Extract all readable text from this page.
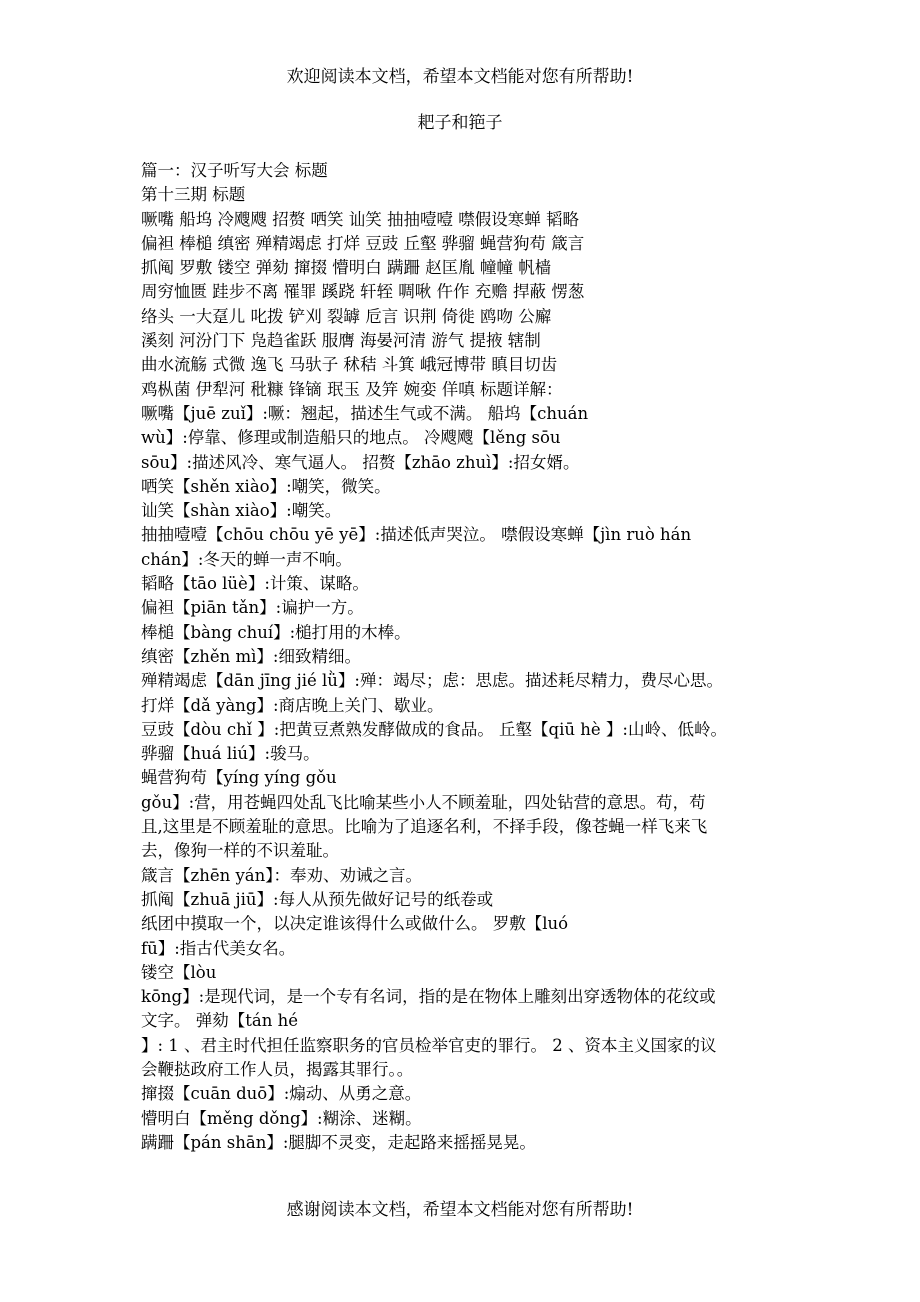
欢迎阅读本文档，希望本文档能对您有所帮助!
耙子和筢子
篇一：汉子听写大会 标题
第十三期 标题
噘嘴 船坞 冷飕飕 招赘 哂笑 讪笑 抽抽噎噎 噤假设寒蝉 韬略
偏袒 棒槌 缜密 殚精竭虑 打烊 豆豉 丘壑 骅骝 蝇营狗苟 箴言
抓阄 罗敷 镂空 弹劾 撺掇 懵明白 蹒跚 赵匡胤 幢幢 帆樯
周穷恤匮 跬步不离 罹罪 蹊跷 轩轾 啁啾 仵作 充赡 捍蔽 愣葱
络头 一大趸儿 叱拨 铲刈 裂罅 卮言 识荆 倚徙 鸥吻 公廨
溪刻 河汾门下 凫趋雀跃 服膺 海晏河清 游气 提掖 辖制
曲水流觞 式微 逸飞 马驮子 秫秸 斗箕 峨冠博带 瞋目切齿
鸡枞菌 伊犁河 秕糠 锋镝 珉玉 及笄 婉娈 佯嗔 标题详解：
噘嘴【juē zuǐ】:噘：翘起，描述生气或不满。 船坞【chuán
wù】:停靠、修理或制造船只的地点。 冷飕飕【lěng sōu
sōu】:描述风冷、寒气逼人。 招赘【zhāo zhuì】:招女婿。
哂笑【shěn xiào】:嘲笑，微笑。
讪笑【shàn xiào】:嘲笑。
抽抽噎噎【chōu chōu yē yē】:描述低声哭泣。 噤假设寒蝉【jìn ruò hán
chán】:冬天的蝉一声不响。
韬略【tāo lüè】:计策、谋略。
偏袒【piān tǎn】:谝护一方。
棒槌【bàng chuí】:槌打用的木棒。
缜密【zhěn mì】:细致精细。
殚精竭虑【dān jīng jié lǜ】:殚：竭尽；虑：思虑。描述耗尽精力，费尽心思。
打烊【dǎ yàng】:商店晚上关门、歇业。
豆豉【dòu chǐ 】:把黄豆煮熟发酵做成的食品。 丘壑【qiū hè 】:山岭、低岭。
骅骝【huá liú】:骏马。
蝇营狗苟【yíng yíng gǒu
gǒu】:营，用苍蝇四处乱飞比喻某些小人不顾羞耻，四处钻营的意思。苟，苟
且,这里是不顾羞耻的意思。比喻为了追逐名利，不择手段，像苍蝇一样飞来飞
去，像狗一样的不识羞耻。
箴言【zhēn yán】：奉劝、劝诫之言。
抓阄【zhuā jiū】:每人从预先做好记号的纸卷或
纸团中摸取一个，以决定谁该得什么或做什么。 罗敷【luó
fū】:指古代美女名。
镂空【lòu
kōng】:是现代词，是一个专有名词，指的是在物体上雕刻出穿透物体的花纹或
文字。 弹劾【tán hé
】: 1 、君主时代担任监察职务的官员检举官吏的罪行。 2 、资本主义国家的议
会鞭挞政府工作人员，揭露其罪行。。
撺掇【cuān duō】:煽动、从勇之意。
懵明白【měng dǒng】:糊涂、迷糊。
蹒跚【pán shān】:腿脚不灵变，走起路来摇摇晃晃。
感谢阅读本文档，希望本文档能对您有所帮助!
